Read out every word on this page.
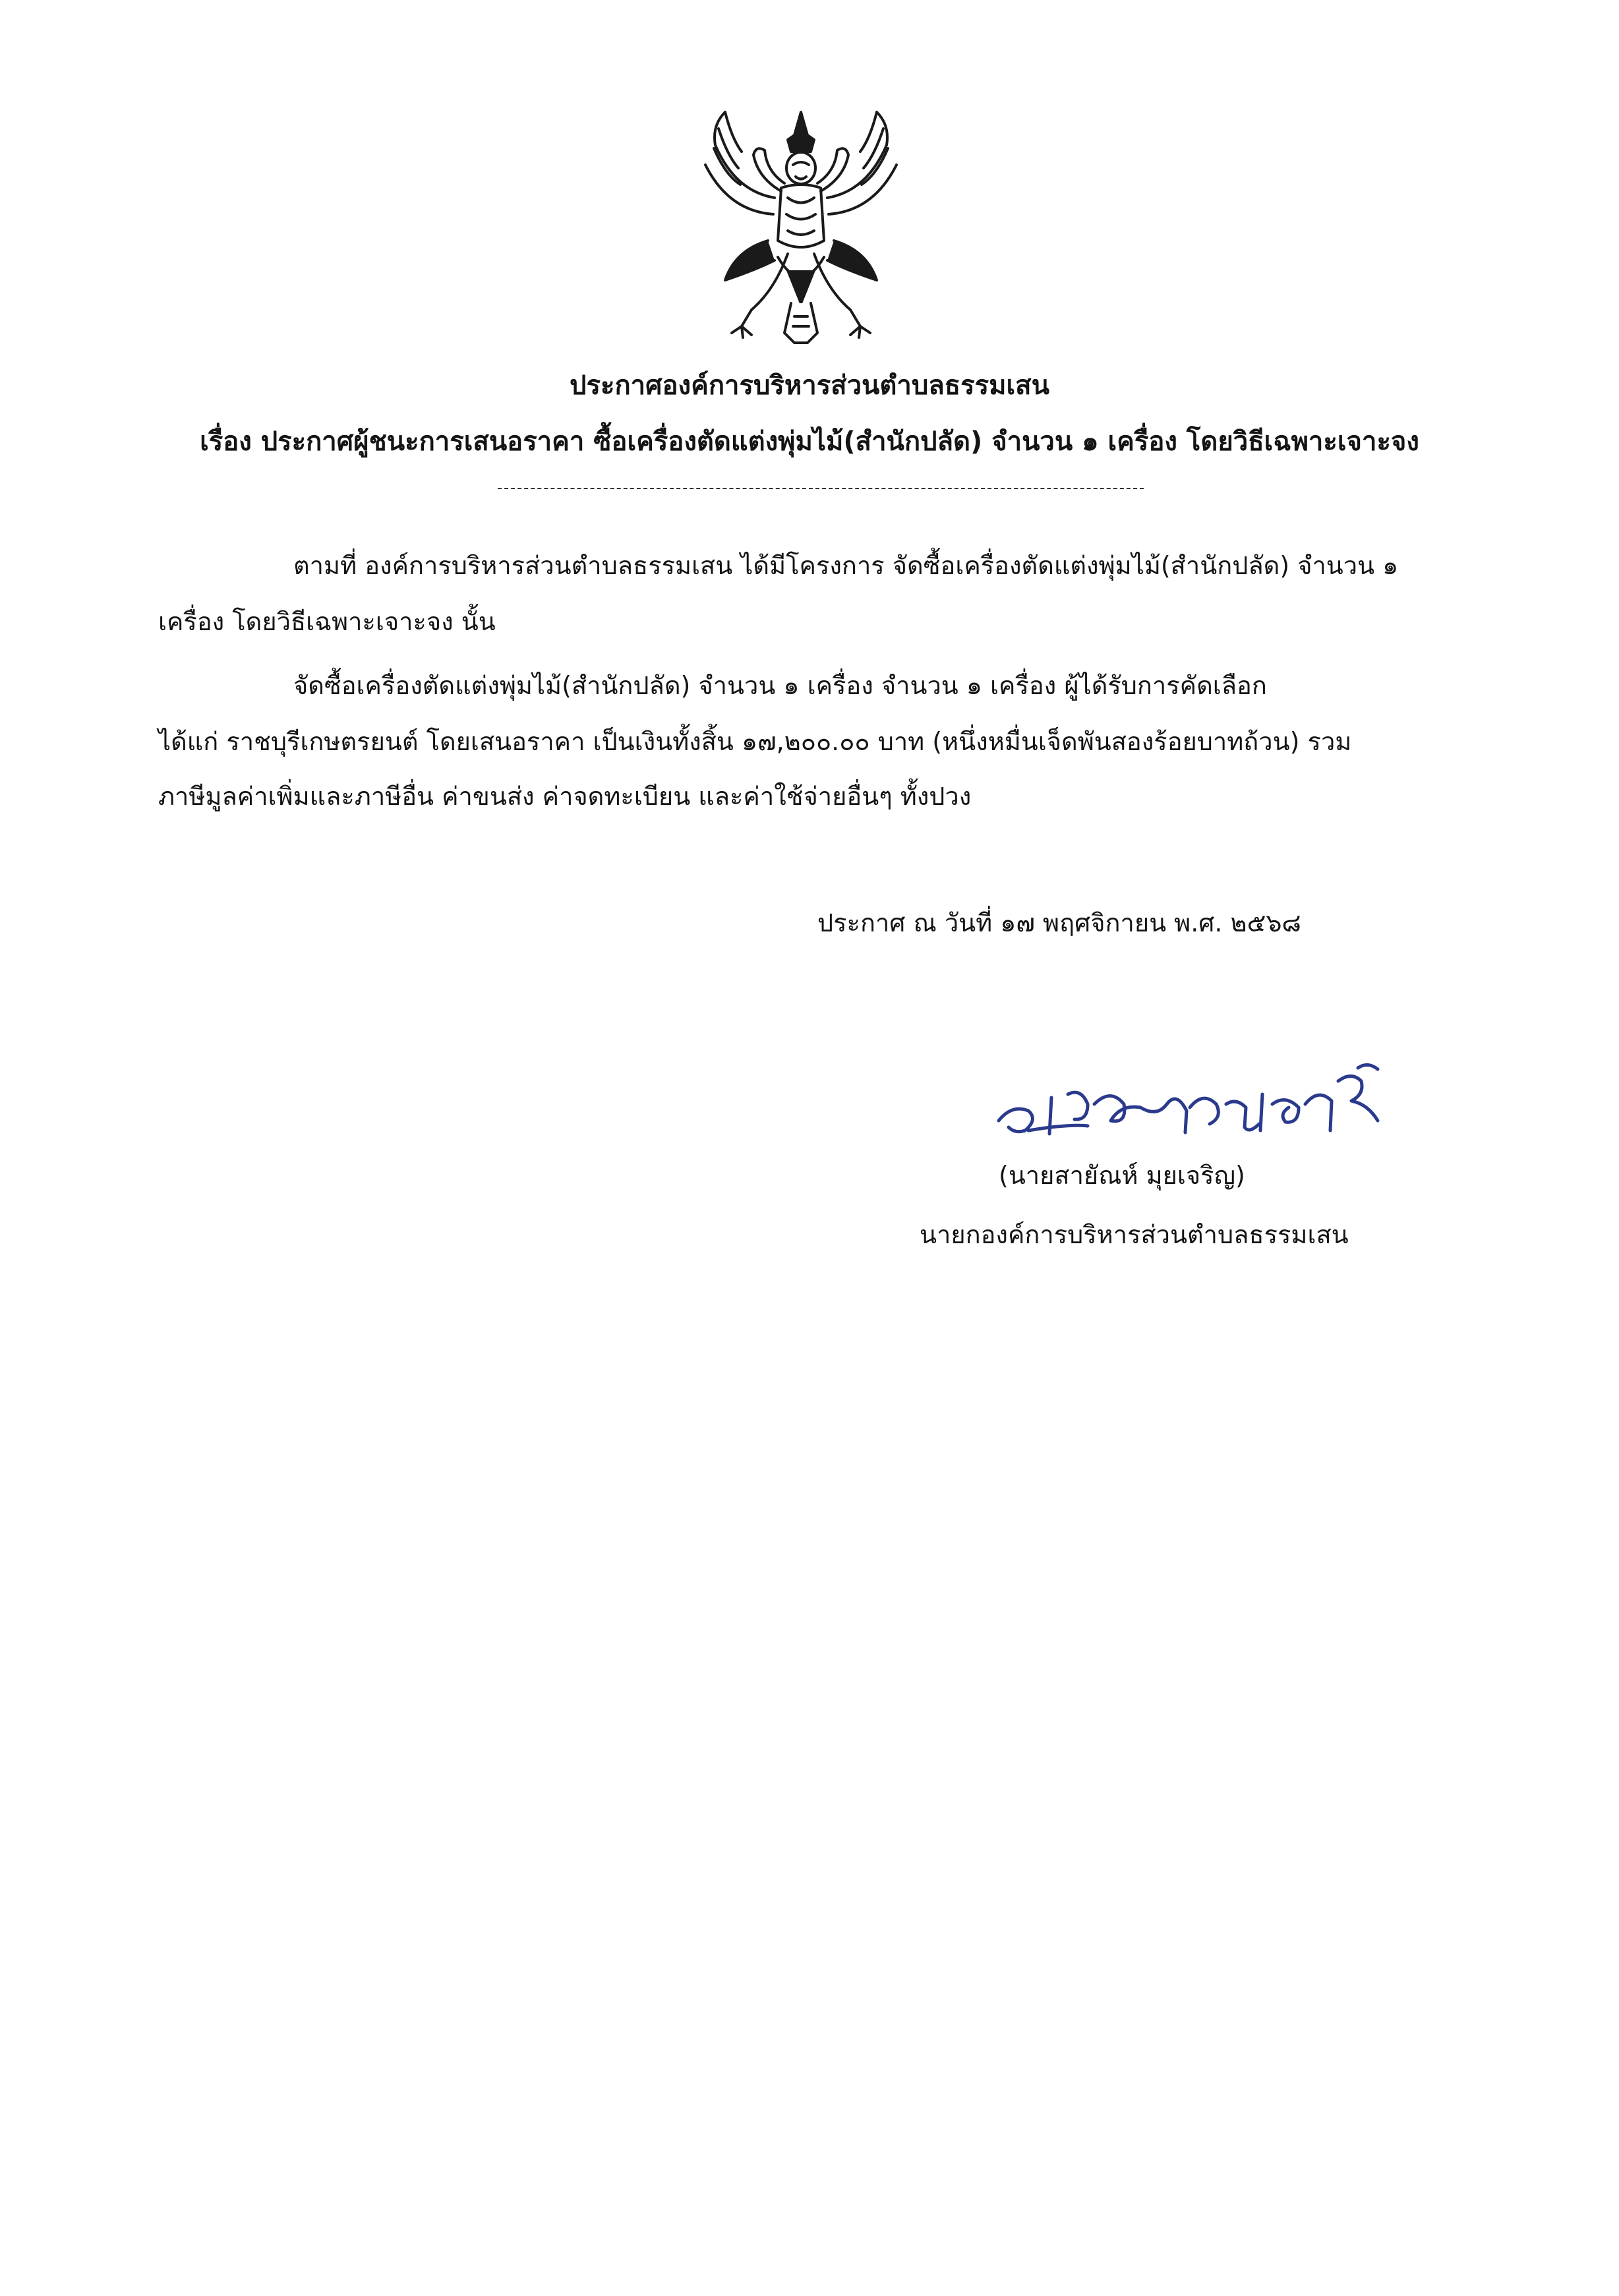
ประกาศองค์การบริหารส่วนตำบลธรรมเสน
เรื่อง ประกาศผู้ชนะการเสนอราคา ซื้อเครื่องตัดแต่งพุ่มไม้(สำนักปลัด) จำนวน ๑ เครื่อง โดยวิธีเฉพาะเจาะจง
ตามที่ องค์การบริหารส่วนตำบลธรรมเสน ได้มีโครงการ จัดซื้อเครื่องตัดแต่งพุ่มไม้(สำนักปลัด) จำนวน ๑
เครื่อง โดยวิธีเฉพาะเจาะจง นั้น
จัดซื้อเครื่องตัดแต่งพุ่มไม้(สำนักปลัด) จำนวน ๑ เครื่อง จำนวน ๑ เครื่อง ผู้ได้รับการคัดเลือก
ได้แก่ ราชบุรีเกษตรยนต์ โดยเสนอราคา เป็นเงินทั้งสิ้น ๑๗,๒๐๐.๐๐ บาท (หนึ่งหมื่นเจ็ดพันสองร้อยบาทถ้วน) รวม
ภาษีมูลค่าเพิ่มและภาษีอื่น ค่าขนส่ง ค่าจดทะเบียน และค่าใช้จ่ายอื่นๆ ทั้งปวง
ประกาศ ณ วันที่ ๑๗ พฤศจิกายน พ.ศ. ๒๕๖๘
(นายสายัณห์ มุยเจริญ)
นายกองค์การบริหารส่วนตำบลธรรมเสน
